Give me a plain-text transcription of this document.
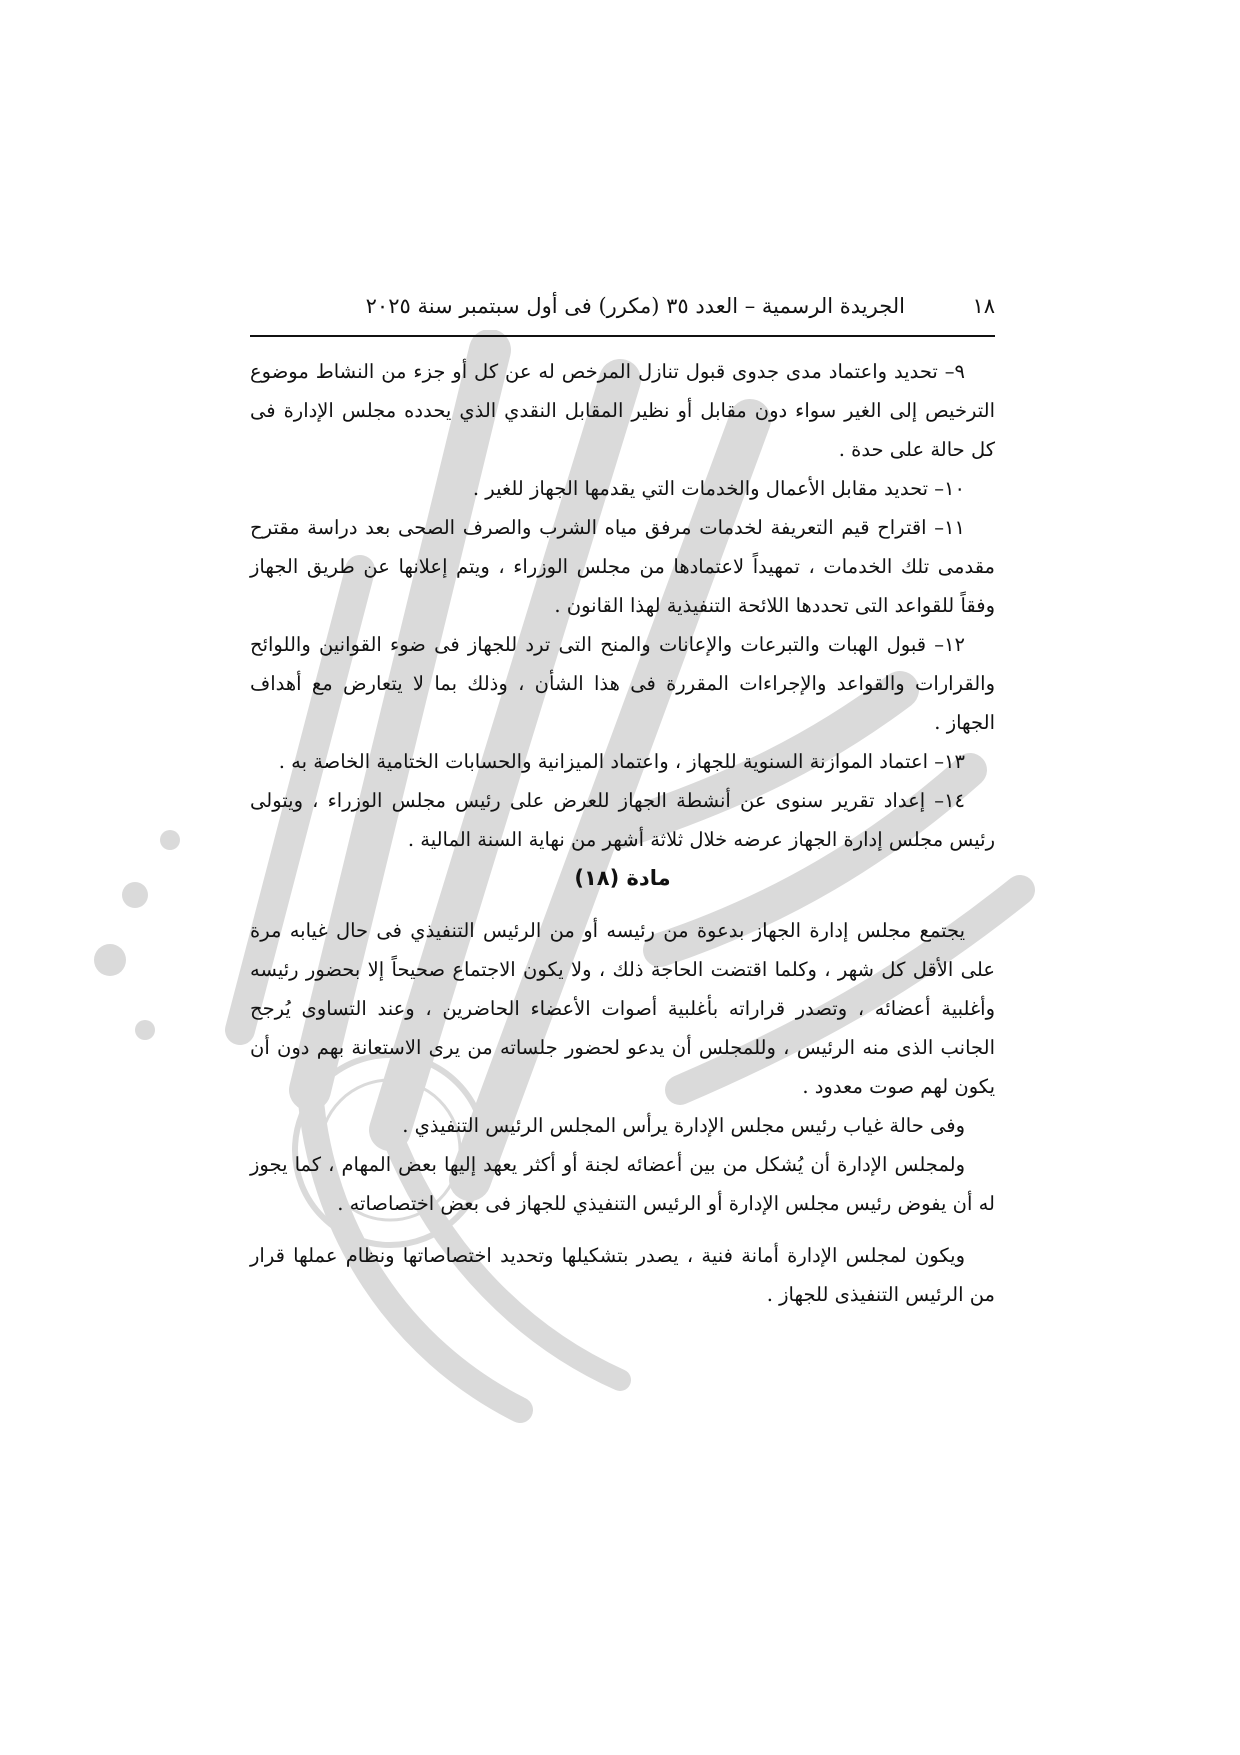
١٨
الجريدة الرسمية – العدد ٣٥ (مكرر) فى أول سبتمبر سنة ٢٠٢٥

٩– تحديد واعتماد مدى جدوى قبول تنازل المرخص له عن كل أو جزء من النشاط موضوع الترخيص إلى الغير سواء دون مقابل أو نظير المقابل النقدي الذي يحدده مجلس الإدارة فى كل حالة على حدة .

١٠– تحديد مقابل الأعمال والخدمات التي يقدمها الجهاز للغير .

١١– اقتراح قيم التعريفة لخدمات مرفق مياه الشرب والصرف الصحى بعد دراسة مقترح مقدمى تلك الخدمات ، تمهيداً لاعتمادها من مجلس الوزراء ، ويتم إعلانها عن طريق الجهاز وفقاً للقواعد التى تحددها اللائحة التنفيذية لهذا القانون .

١٢– قبول الهبات والتبرعات والإعانات والمنح التى ترد للجهاز فى ضوء القوانين واللوائح والقرارات والقواعد والإجراءات المقررة فى هذا الشأن ، وذلك بما لا يتعارض مع أهداف الجهاز .

١٣– اعتماد الموازنة السنوية للجهاز ، واعتماد الميزانية والحسابات الختامية الخاصة به .

١٤– إعداد تقرير سنوى عن أنشطة الجهاز للعرض على رئيس مجلس الوزراء ، ويتولى رئيس مجلس إدارة الجهاز عرضه خلال ثلاثة أشهر من نهاية السنة المالية .

مادة (١٨)

يجتمع مجلس إدارة الجهاز بدعوة من رئيسه أو من الرئيس التنفيذي فى حال غيابه مرة على الأقل كل شهر ، وكلما اقتضت الحاجة ذلك ، ولا يكون الاجتماع صحيحاً إلا بحضور رئيسه وأغلبية أعضائه ، وتصدر قراراته بأغلبية أصوات الأعضاء الحاضرين ، وعند التساوى يُرجح الجانب الذى منه الرئيس ، وللمجلس أن يدعو لحضور جلساته من يرى الاستعانة بهم دون أن يكون لهم صوت معدود .

وفى حالة غياب رئيس مجلس الإدارة يرأس المجلس الرئيس التنفيذي .

ولمجلس الإدارة أن يُشكل من بين أعضائه لجنة أو أكثر يعهد إليها بعض المهام ، كما يجوز له أن يفوض رئيس مجلس الإدارة أو الرئيس التنفيذي للجهاز فى بعض اختصاصاته .

ويكون لمجلس الإدارة أمانة فنية ، يصدر بتشكيلها وتحديد اختصاصاتها ونظام عملها قرار من الرئيس التنفيذى للجهاز .
